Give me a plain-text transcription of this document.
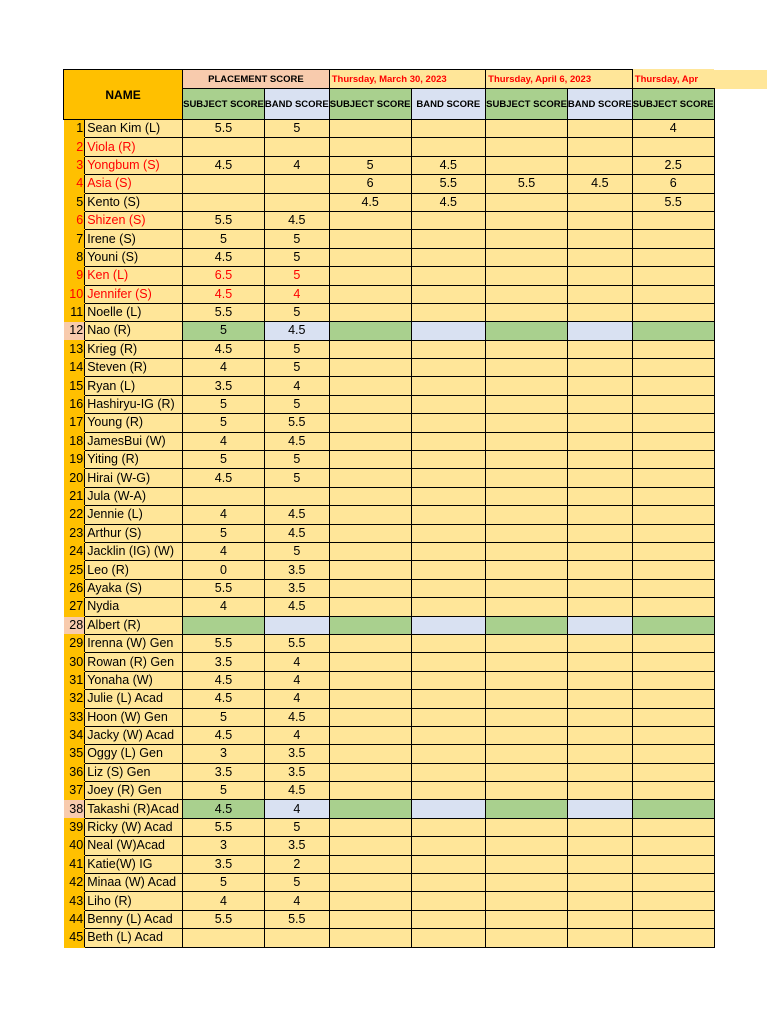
NAME		PLACEMENT SCORE		Thursday, March 30, 2023		Thursday, April 6, 2023		Thursday, Apr	
		SUBJECT SCORE	BAND SCORE	SUBJECT SCORE	BAND SCORE	SUBJECT SCORE	BAND SCORE	SUBJECT SCORE	
1	Sean Kim (L)	5.5	5					4	
2	Viola (R)								
3	Yongbum (S)	4.5	4	5	4.5			2.5	
4	Asia (S)			6	5.5	5.5	4.5	6	
5	Kento (S)			4.5	4.5			5.5	
6	Shizen (S)	5.5	4.5						
7	Irene (S)	5	5						
8	Youni (S)	4.5	5						
9	Ken (L)	6.5	5						
10	Jennifer (S)	4.5	4						
11	Noelle (L)	5.5	5						
12	Nao (R)	5	4.5						
13	Krieg (R)	4.5	5						
14	Steven (R)	4	5						
15	Ryan (L)	3.5	4						
16	Hashiryu-IG (R)	5	5						
17	Young (R)	5	5.5						
18	JamesBui (W)	4	4.5						
19	Yiting (R)	5	5						
20	Hirai (W-G)	4.5	5						
21	Jula (W-A)								
22	Jennie (L)	4	4.5						
23	Arthur (S)	5	4.5						
24	Jacklin (IG) (W)	4	5						
25	Leo (R)	0	3.5						
26	Ayaka (S)	5.5	3.5						
27	Nydia	4	4.5						
28	Albert (R)								
29	Irenna (W) Gen	5.5	5.5						
30	Rowan (R) Gen	3.5	4						
31	Yonaha (W)	4.5	4						
32	Julie (L) Acad	4.5	4						
33	Hoon (W) Gen	5	4.5						
34	Jacky (W) Acad	4.5	4						
35	Oggy (L) Gen	3	3.5						
36	Liz (S) Gen	3.5	3.5						
37	Joey (R) Gen	5	4.5						
38	Takashi (R)Acad	4.5	4						
39	Ricky (W) Acad	5.5	5						
40	Neal (W)Acad	3	3.5						
41	Katie(W) IG	3.5	2						
42	Minaa (W) Acad	5	5						
43	Liho (R)	4	4						
44	Benny (L) Acad	5.5	5.5						
45	Beth (L) Acad								
